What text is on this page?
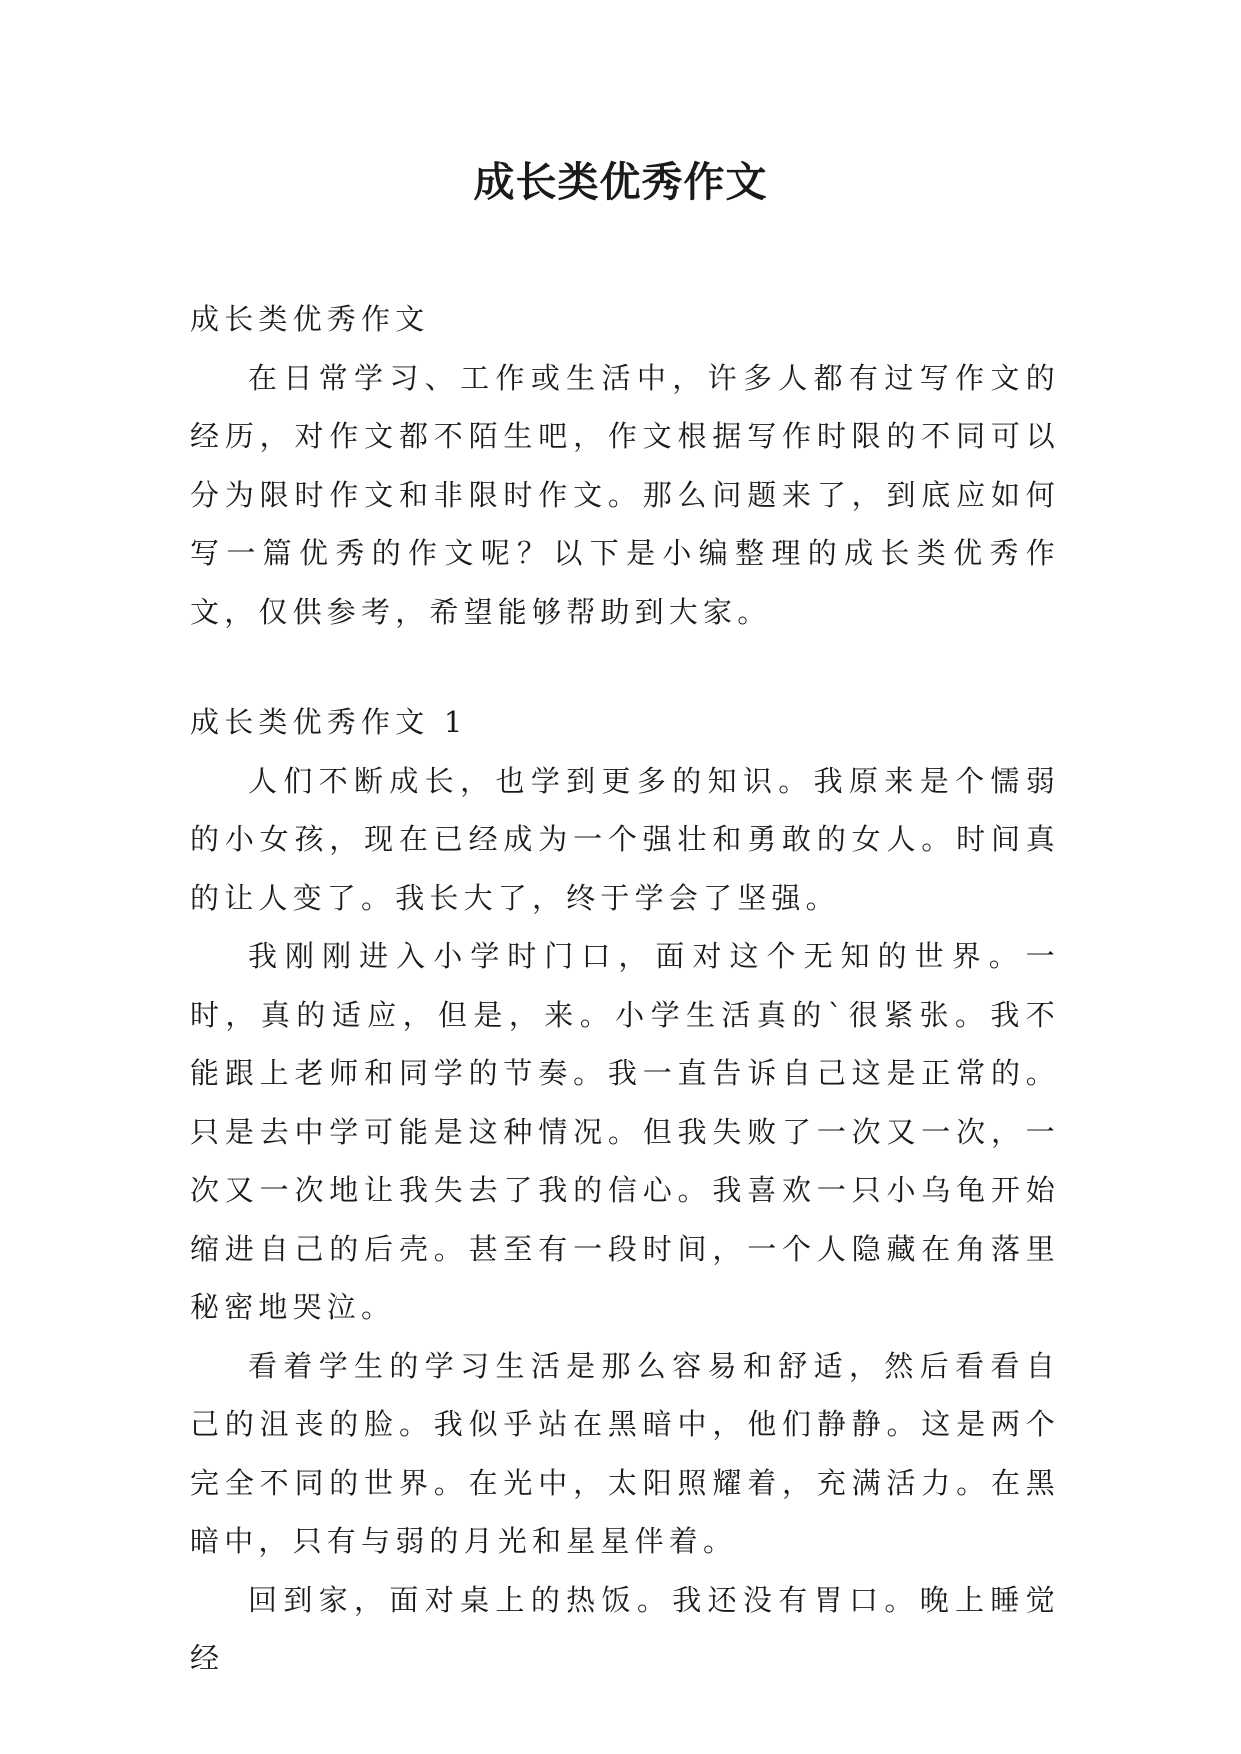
成长类优秀作文

成长类优秀作文

在日常学习、工作或生活中，许多人都有过写作文的经历，对作文都不陌生吧，作文根据写作时限的不同可以分为限时作文和非限时作文。那么问题来了，到底应如何写一篇优秀的作文呢？以下是小编整理的成长类优秀作文，仅供参考，希望能够帮助到大家。

成长类优秀作文 1

人们不断成长，也学到更多的知识。我原来是个懦弱的小女孩，现在已经成为一个强壮和勇敢的女人。时间真的让人变了。我长大了，终于学会了坚强。

我刚刚进入小学时门口，面对这个无知的世界。一时，真的适应，但是，来。小学生活真的`很紧张。我不能跟上老师和同学的节奏。我一直告诉自己这是正常的。只是去中学可能是这种情况。但我失败了一次又一次，一次又一次地让我失去了我的信心。我喜欢一只小乌龟开始缩进自己的后壳。甚至有一段时间，一个人隐藏在角落里秘密地哭泣。

看着学生的学习生活是那么容易和舒适，然后看看自己的沮丧的脸。我似乎站在黑暗中，他们静静。这是两个完全不同的世界。在光中，太阳照耀着，充满活力。在黑暗中，只有与弱的月光和星星伴着。

回到家，面对桌上的热饭。我还没有胃口。晚上睡觉经
